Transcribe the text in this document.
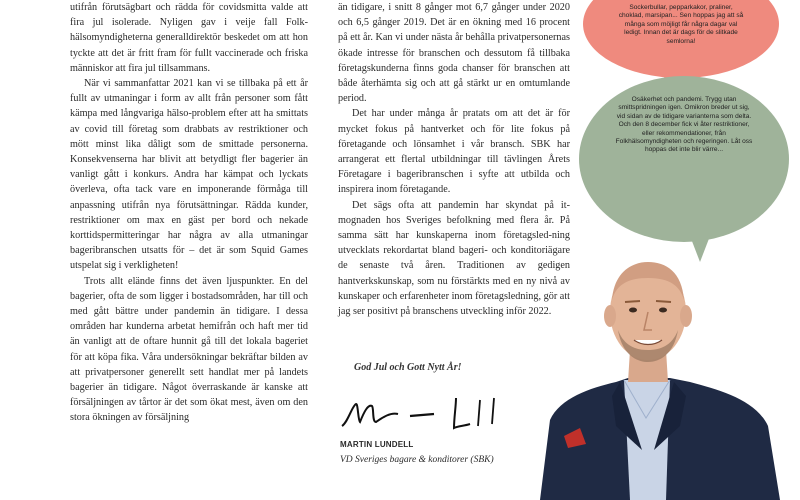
utifrån förutsägbart och rädda för covidsmitta valde att fira jul isolerade. Nyligen gav i veije fall Folk-hälsomyndigheterna generalldirektör beskedet om att hon tyckte att det är fritt fram för fullt vaccinerade och friska människor att fira jul tillsammans.

När vi sammanfattar 2021 kan vi se tillbaka på ett år fullt av utmaningar i form av allt från personer som fått kämpa med långvariga hälso-problem efter att ha smittats av covid till företag som drabbats av restriktioner och mött minst lika dåligt som de smittade personerna. Konsekvenserna har blivit att betydligt fler bagerier än vanligt gått i konkurs. Andra har kämpat och lyckats överleva, ofta tack vare en imponerande förmåga till anpassning utifrån nya förutsättningar. Rädda kunder, restriktioner om max en gäst per bord och nekade korttidspermitteringar har några av alla utmaningar bageribranschen utsatts för – det är som Squid Games utspelat sig i verkligheten!

Trots allt elände finns det även ljuspunkter. En del bagerier, ofta de som ligger i bostadsområden, har till och med gått bättre under pandemin än tidigare. I dessa områden har kunderna arbetat hemifrån och haft mer tid än vanligt att de oftare hunnit gå till det lokala bageriet för att köpa fika. Våra undersökningar bekräftar bilden av att privatpersoner generellt sett handlat mer på landets bagerier än tidigare. Något överraskande är kanske att försäljningen av tårtor är det som ökat mest, även om den stora ökningen av försäljning

än tidigare, i snitt 8 gånger mot 6,7 gånger under 2020 och 6,5 gånger 2019. Det är en ökning med 16 procent på ett år. Kan vi under nästa år behålla privatpersonernas ökade intresse för branschen och dessutom få tillbaka företagskunderna finns goda chanser för branschen att både återhämta sig och att gå stärkt ur en omtumlande period.

Det har under många år pratats om att det är för mycket fokus på hantverket och för lite fokus på företagande och lönsamhet i vår bransch. SBK har arrangerat ett flertal utbildningar till tävlingen Årets Företagare i bageribranschen i syfte att utbilda och inspirera inom företagande.

Det sägs ofta att pandemin har skyndat på it-mognaden hos Sveriges befolkning med flera år. På samma sätt har kunskaperna inom företagsled-ning utvecklats rekordartat bland bageri- och konditoriägare de senaste två åren. Traditionen av gedigen hantverkskunskap, som nu förstärkts med en ny nivå av kunskaper och erfarenheter inom företagsledning, gör att jag ser positivt på branschens utveckling inför 2022.

God Jul och Gott Nytt År!
MARTIN LUNDELL
VD Sveriges bagare & konditorer (SBK)
Sockerbullar, pepparkakor, praliner, choklad, marsipan... Sen hoppas jag att så många som möjligt får några dagar val ledigt. Innan det är dags för de slitkade semlorna!
Osäkerhet och pandemi. Trygg utan smittspridningen igen. Omikron breder ut sig, vid sidan av de tidigare varianterna som delta. Och den 8 december fick vi åter restriktioner, eller rekommendationer, från Folkhälsomyndigheten och regeringen. Låt oss hoppas det inte blir värre...
